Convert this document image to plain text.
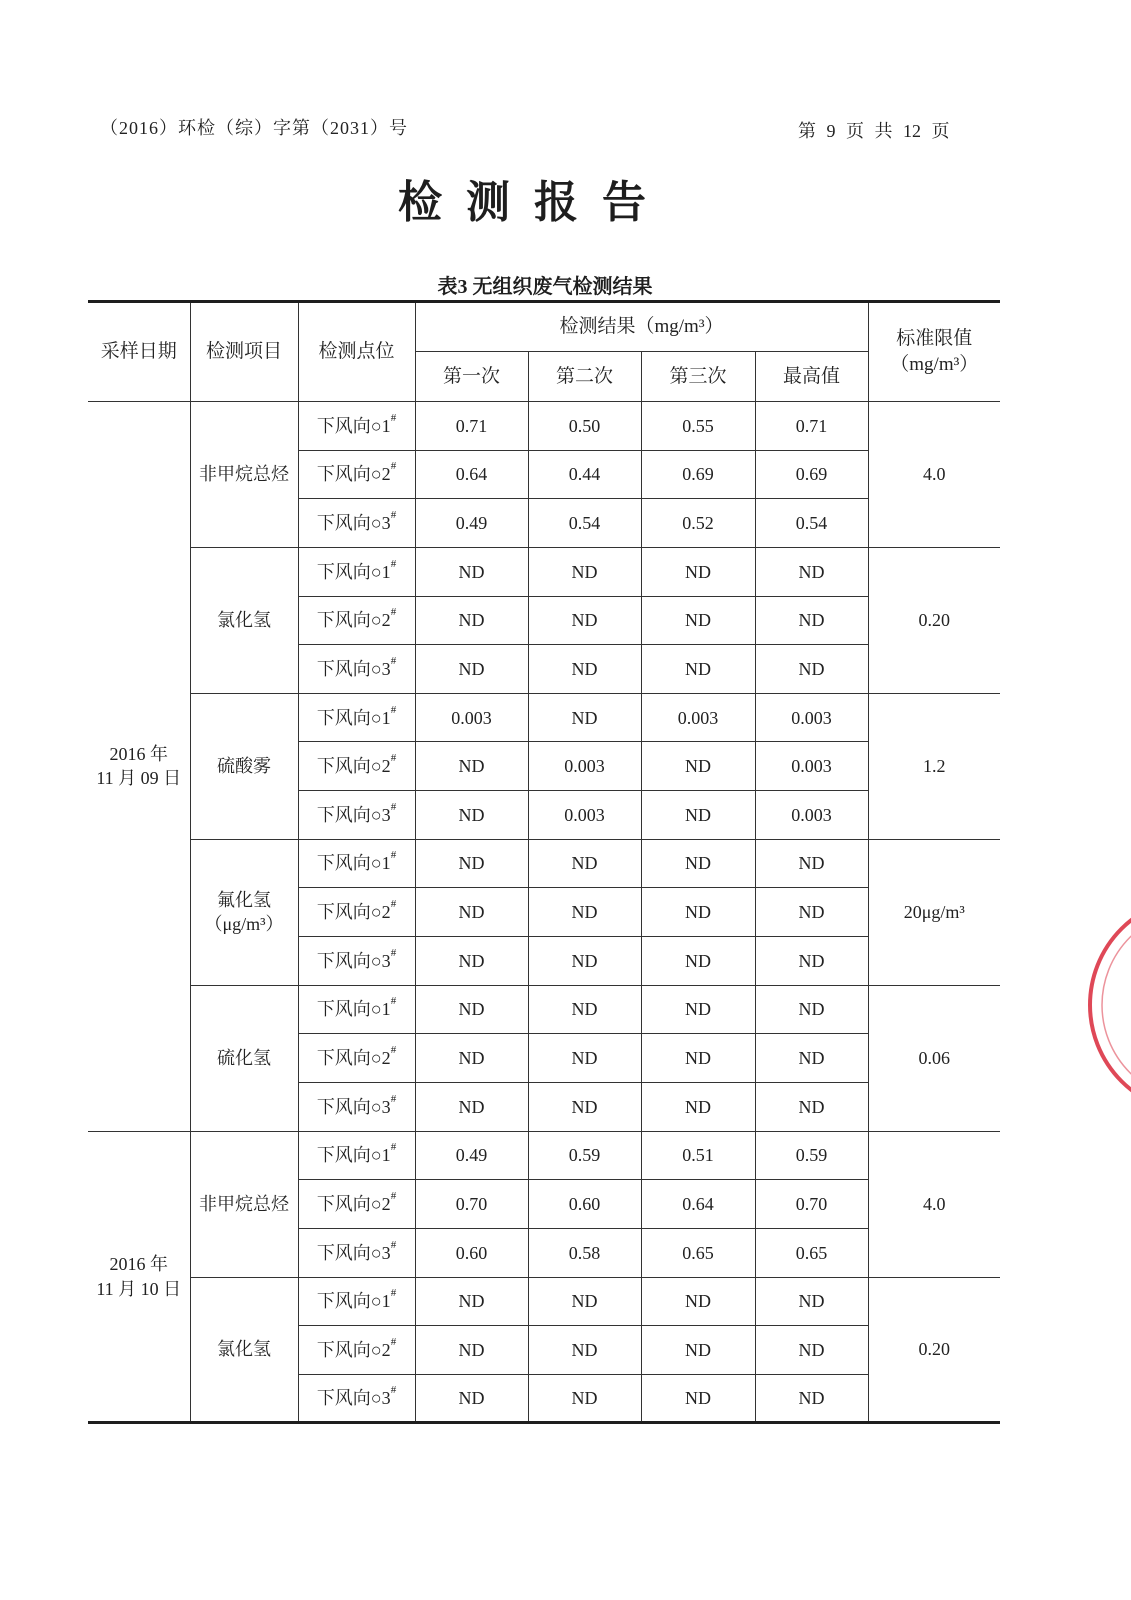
（2016）环检（综）字第（2031）号	第 9 页 共 12 页
检测报告
表3 无组织废气检测结果
采样日期	检测项目	检测点位	检测结果（mg/m³）				标准限值
（mg/m³）

			第一次	第二次	第三次	最高值	

2016 年
11 月 09 日	非甲烷总烃	下风向○1#	0.71	0.50	0.55	0.71	4.0
		下风向○2#	0.64	0.44	0.69	0.69	
		下风向○3#	0.49	0.54	0.52	0.54	

	氯化氢	下风向○1#	ND	ND	ND	ND	0.20
		下风向○2#	ND	ND	ND	ND	
		下风向○3#	ND	ND	ND	ND	

	硫酸雾	下风向○1#	0.003	ND	0.003	0.003	1.2
		下风向○2#	ND	0.003	ND	0.003	
		下风向○3#	ND	0.003	ND	0.003	

	氟化氢
（μg/m³）	下风向○1#	ND	ND	ND	ND	20μg/m³
		下风向○2#	ND	ND	ND	ND	
		下风向○3#	ND	ND	ND	ND	

	硫化氢	下风向○1#	ND	ND	ND	ND	0.06
		下风向○2#	ND	ND	ND	ND	
		下风向○3#	ND	ND	ND	ND	

2016 年
11 月 10 日	非甲烷总烃	下风向○1#	0.49	0.59	0.51	0.59	4.0
		下风向○2#	0.70	0.60	0.64	0.70	
		下风向○3#	0.60	0.58	0.65	0.65	

	氯化氢	下风向○1#	ND	ND	ND	ND	0.20
		下风向○2#	ND	ND	ND	ND	
		下风向○3#	ND	ND	ND	ND	
